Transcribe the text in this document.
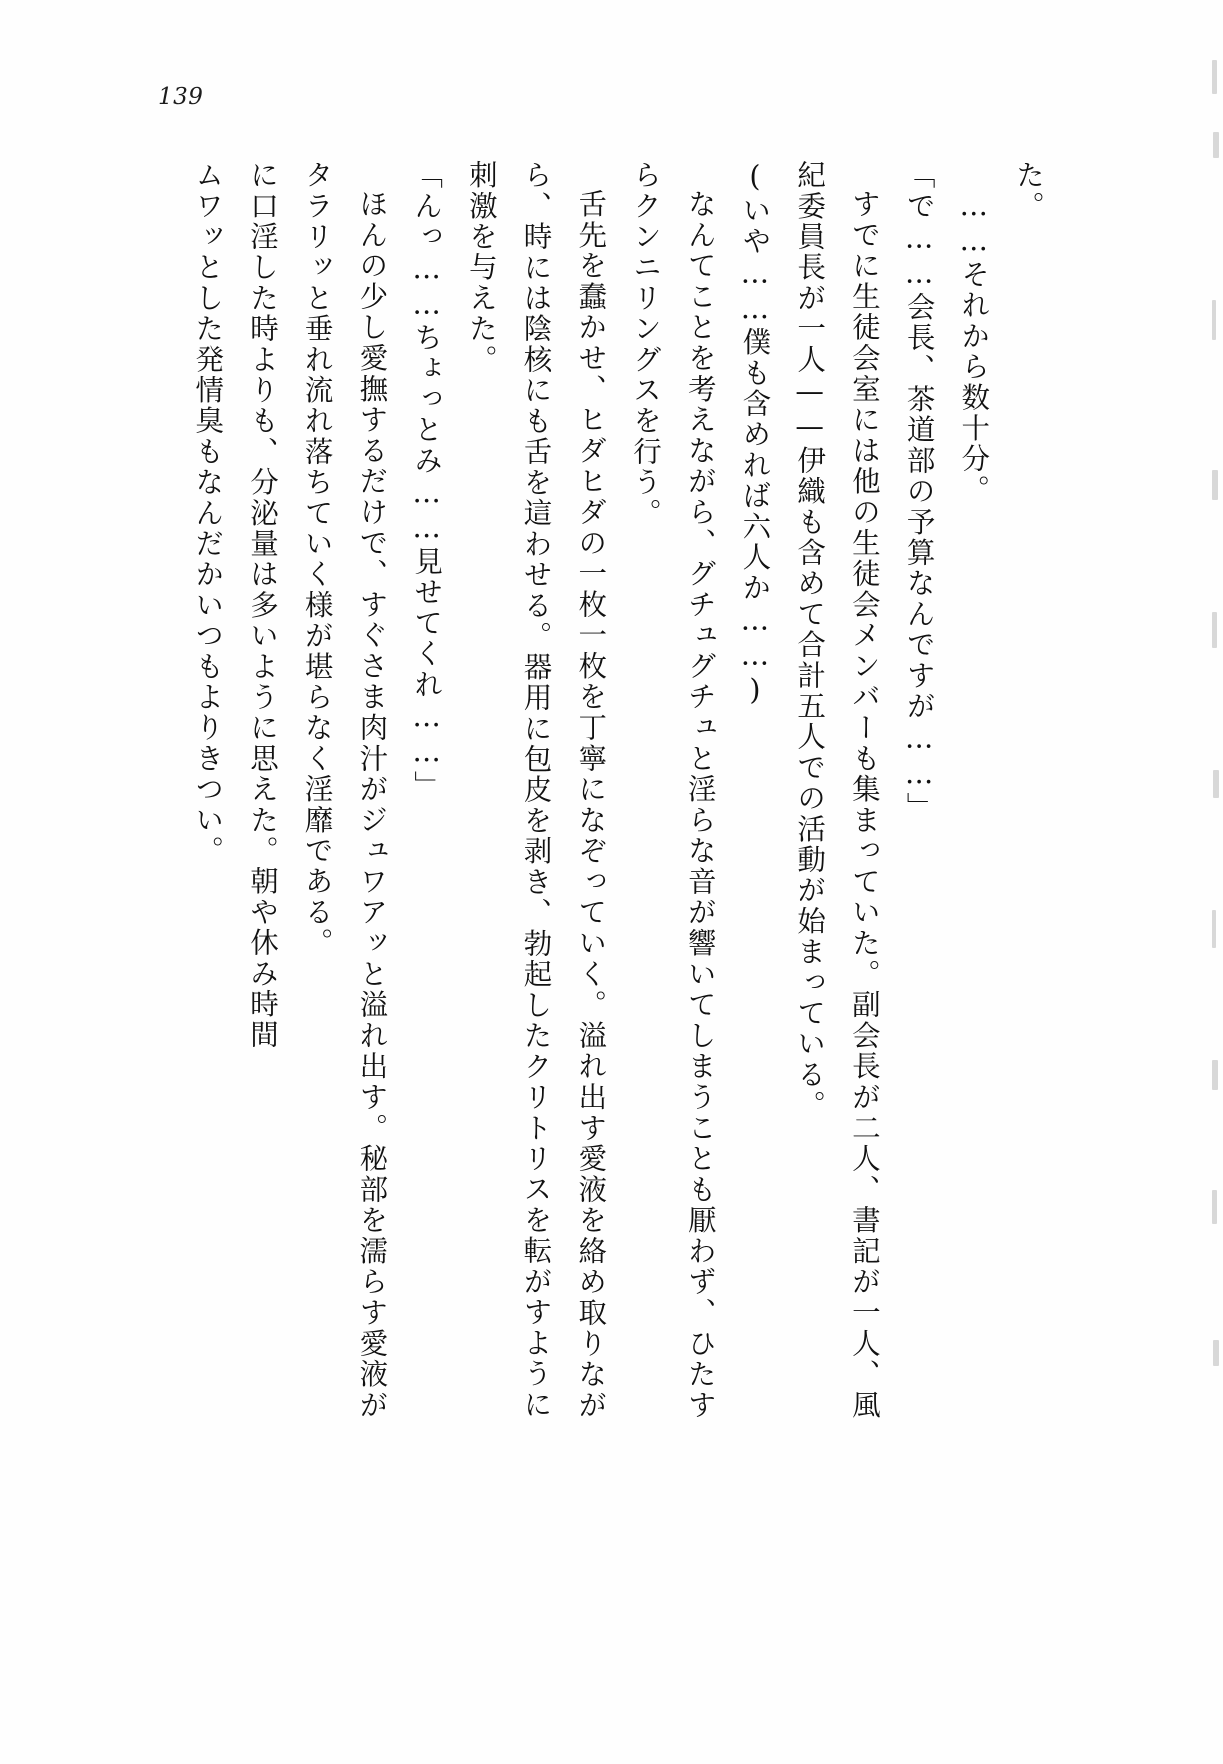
139

た。

……それから数十分。

「で……会長、茶道部の予算なんですが……」

すでに生徒会室には他の生徒会メンバーも集まっていた。副会長が二人、書記が一人、風紀委員長が一人——伊織も含めて合計五人での活動が始まっている。

(いや……僕も含めれば六人か……)

なんてことを考えながら、グチュグチュと淫らな音が響いてしまうことも厭わず、ひたすらクンニリングスを行う。

舌先を蠢かせ、ヒダヒダの一枚一枚を丁寧になぞっていく。溢れ出す愛液を絡め取りながら、時には陰核にも舌を這わせる。器用に包皮を剥き、勃起したクリトリスを転がすように刺激を与えた。

「んっ……ちょっとみ……見せてくれ……」

ほんの少し愛撫するだけで、すぐさま肉汁がジュワアッと溢れ出す。秘部を濡らす愛液がタラリッと垂れ流れ落ちていく様が堪らなく淫靡である。

に口淫した時よりも、分泌量は多いように思えた。朝や休み時間

ムワッとした発情臭もなんだかいつもよりきつい。
